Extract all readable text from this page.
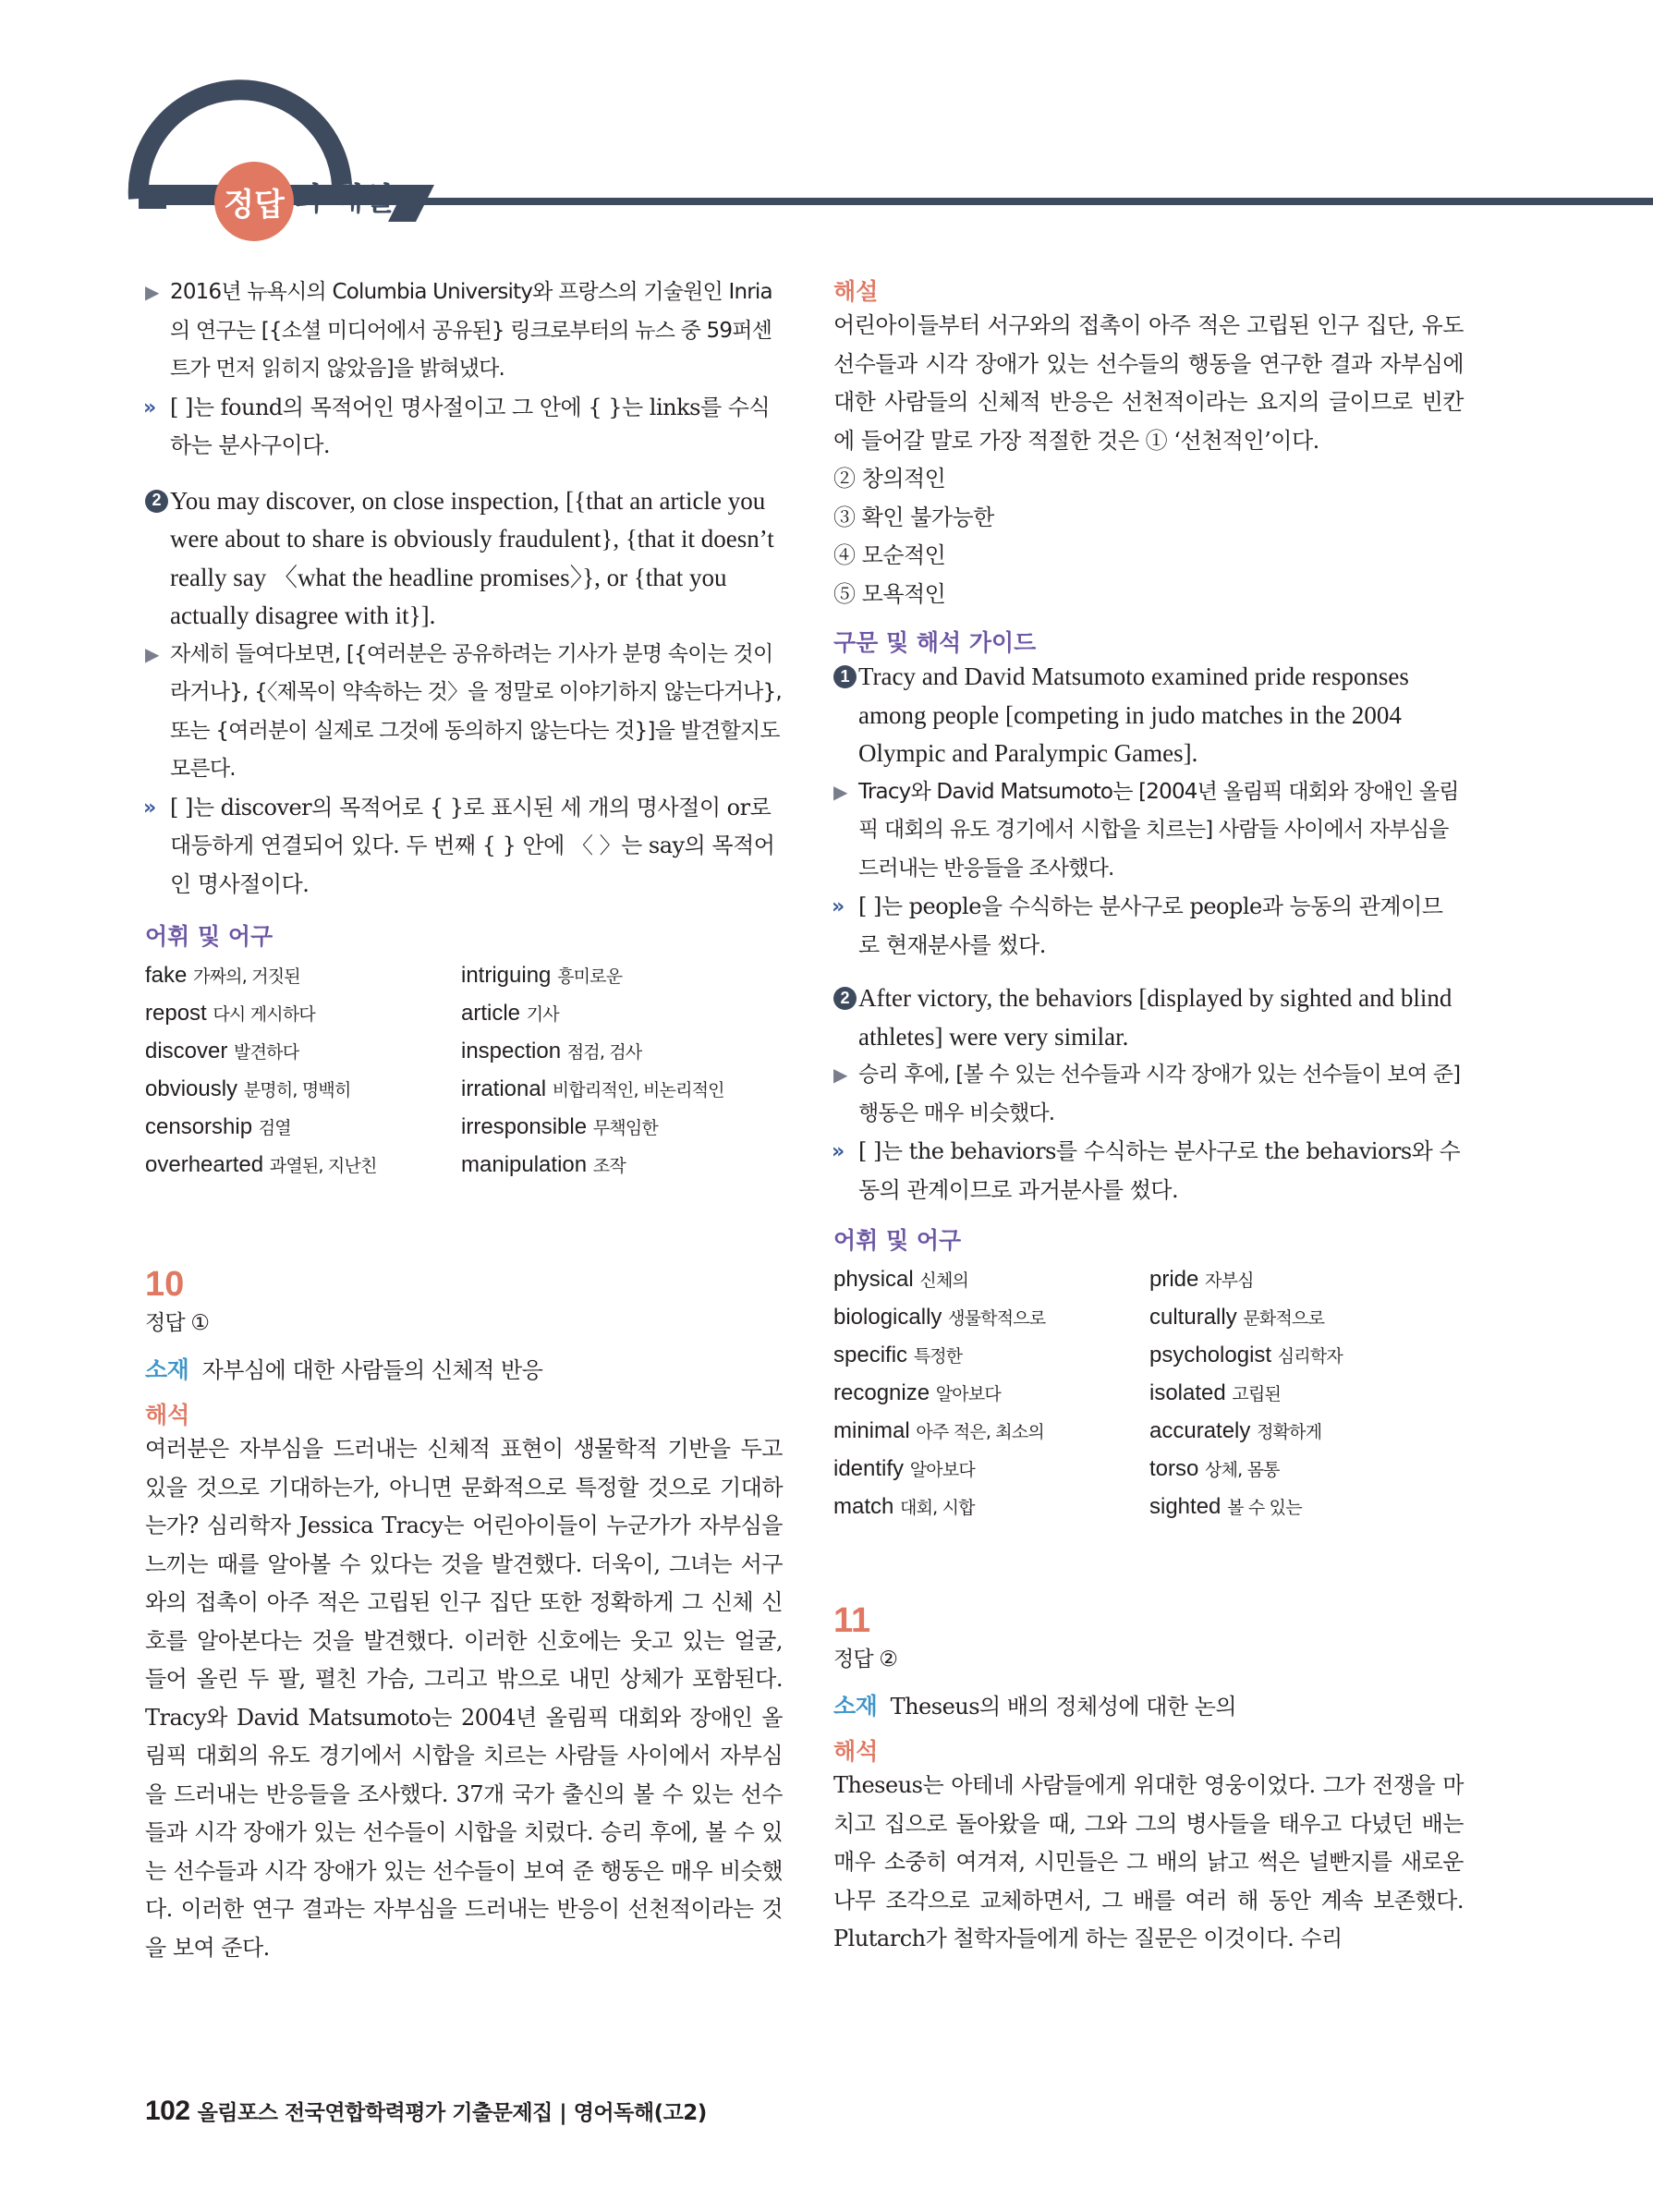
정답 과 해설
▶ 2016년 뉴욕시의 Columbia University와 프랑스의 기술원인 Inria의 연구는 [{소셜 미디어에서 공유된} 링크로부터의 뉴스 중 59퍼센트가 먼저 읽히지 않았음]을 밝혀냈다.
» [ ]는 found의 목적어인 명사절이고 그 안에 { }는 links를 수식하는 분사구이다.
2 You may discover, on close inspection, [{that an article you were about to share is obviously fraudulent}, {that it doesn’t really say 〈what the headline promises〉}, or {that you actually disagree with it}].
▶ 자세히 들여다보면, [{여러분은 공유하려는 기사가 분명 속이는 것이라거나}, {〈제목이 약속하는 것〉을 정말로 이야기하지 않는다거나}, 또는 {여러분이 실제로 그것에 동의하지 않는다는 것}]을 발견할지도 모른다.
» [ ]는 discover의 목적어로 { }로 표시된 세 개의 명사절이 or로 대등하게 연결되어 있다. 두 번째 { } 안에 〈 〉는 say의 목적어인 명사절이다.

어휘 및 어구

fake 가짜의, 거짓된	intriguing 흥미로운
repost 다시 게시하다	article 기사
discover 발견하다	inspection 점검, 검사
obviously 분명히, 명백히	irrational 비합리적인, 비논리적인
censorship 검열	irresponsible 무책임한
overhearted 과열된, 지난친	manipulation 조작

10

정답 ①

소재 자부심에 대한 사람들의 신체적 반응

해석

여러분은 자부심을 드러내는 신체적 표현이 생물학적 기반을 두고 있을 것으로 기대하는가, 아니면 문화적으로 특정할 것으로 기대하는가? 심리학자 Jessica Tracy는 어린아이들이 누군가가 자부심을 느끼는 때를 알아볼 수 있다는 것을 발견했다. 더욱이, 그녀는 서구와의 접촉이 아주 적은 고립된 인구 집단 또한 정확하게 그 신체 신호를 알아본다는 것을 발견했다. 이러한 신호에는 웃고 있는 얼굴, 들어 올린 두 팔, 펼친 가슴, 그리고 밖으로 내민 상체가 포함된다. Tracy와 David Matsumoto는 2004년 올림픽 대회와 장애인 올림픽 대회의 유도 경기에서 시합을 치르는 사람들 사이에서 자부심을 드러내는 반응들을 조사했다. 37개 국가 출신의 볼 수 있는 선수들과 시각 장애가 있는 선수들이 시합을 치렀다. 승리 후에, 볼 수 있는 선수들과 시각 장애가 있는 선수들이 보여 준 행동은 매우 비슷했다. 이러한 연구 결과는 자부심을 드러내는 반응이 선천적이라는 것을 보여 준다.

해설

어린아이들부터 서구와의 접촉이 아주 적은 고립된 인구 집단, 유도 선수들과 시각 장애가 있는 선수들의 행동을 연구한 결과 자부심에 대한 사람들의 신체적 반응은 선천적이라는 요지의 글이므로 빈칸에 들어갈 말로 가장 적절한 것은 ① ‘선천적인’이다.

② 창의적인

③ 확인 불가능한

④ 모순적인

⑤ 모욕적인

구문 및 해석 가이드

1 Tracy and David Matsumoto examined pride responses among people [competing in judo matches in the 2004 Olympic and Paralympic Games].
▶ Tracy와 David Matsumoto는 [2004년 올림픽 대회와 장애인 올림픽 대회의 유도 경기에서 시합을 치르는] 사람들 사이에서 자부심을 드러내는 반응들을 조사했다.
» [ ]는 people을 수식하는 분사구로 people과 능동의 관계이므로 현재분사를 썼다.
2 After victory, the behaviors [displayed by sighted and blind athletes] were very similar.
▶ 승리 후에, [볼 수 있는 선수들과 시각 장애가 있는 선수들이 보여 준] 행동은 매우 비슷했다.
» [ ]는 the behaviors를 수식하는 분사구로 the behaviors와 수동의 관계이므로 과거분사를 썼다.

어휘 및 어구

physical 신체의	pride 자부심
biologically 생물학적으로	culturally 문화적으로
specific 특정한	psychologist 심리학자
recognize 알아보다	isolated 고립된
minimal 아주 적은, 최소의	accurately 정확하게
identify 알아보다	torso 상체, 몸통
match 대회, 시합	sighted 볼 수 있는

11

정답 ②

소재 Theseus의 배의 정체성에 대한 논의

해석

Theseus는 아테네 사람들에게 위대한 영웅이었다. 그가 전쟁을 마치고 집으로 돌아왔을 때, 그와 그의 병사들을 태우고 다녔던 배는 매우 소중히 여겨져, 시민들은 그 배의 낡고 썩은 널빤지를 새로운 나무 조각으로 교체하면서, 그 배를 여러 해 동안 계속 보존했다. Plutarch가 철학자들에게 하는 질문은 이것이다. 수리

102 올림포스 전국연합학력평가 기출문제집 | 영어독해(고2)
